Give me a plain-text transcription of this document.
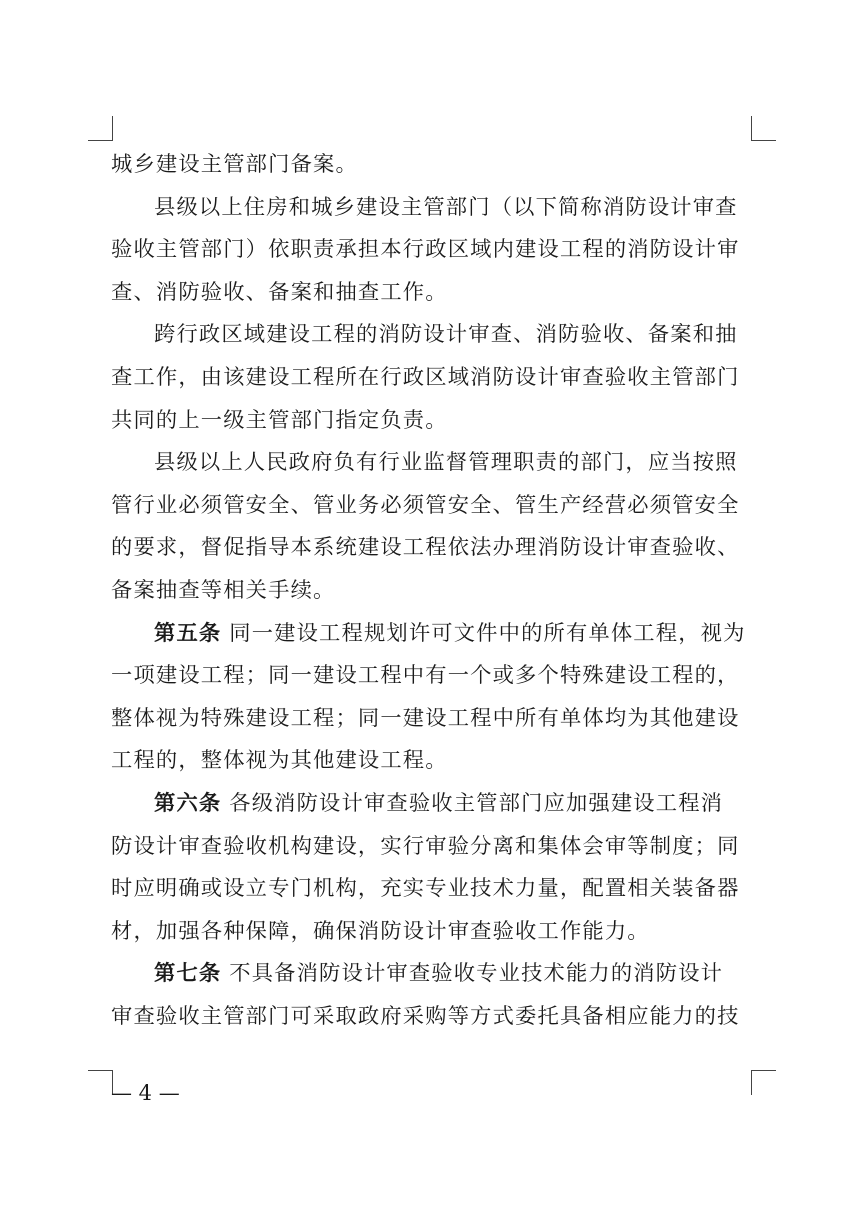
城乡建设主管部门备案。

县级以上住房和城乡建设主管部门（以下简称消防设计审查

验收主管部门）依职责承担本行政区域内建设工程的消防设计审

查、消防验收、备案和抽查工作。

跨行政区域建设工程的消防设计审查、消防验收、备案和抽

查工作，由该建设工程所在行政区域消防设计审查验收主管部门

共同的上一级主管部门指定负责。

县级以上人民政府负有行业监督管理职责的部门，应当按照

管行业必须管安全、管业务必须管安全、管生产经营必须管安全

的要求，督促指导本系统建设工程依法办理消防设计审查验收、

备案抽查等相关手续。

第五条 同一建设工程规划许可文件中的所有单体工程，视为

一项建设工程；同一建设工程中有一个或多个特殊建设工程的，

整体视为特殊建设工程；同一建设工程中所有单体均为其他建设

工程的，整体视为其他建设工程。

第六条 各级消防设计审查验收主管部门应加强建设工程消

防设计审查验收机构建设，实行审验分离和集体会审等制度；同

时应明确或设立专门机构，充实专业技术力量，配置相关装备器

材，加强各种保障，确保消防设计审查验收工作能力。

第七条 不具备消防设计审查验收专业技术能力的消防设计

审查验收主管部门可采取政府采购等方式委托具备相应能力的技

— 4 —
